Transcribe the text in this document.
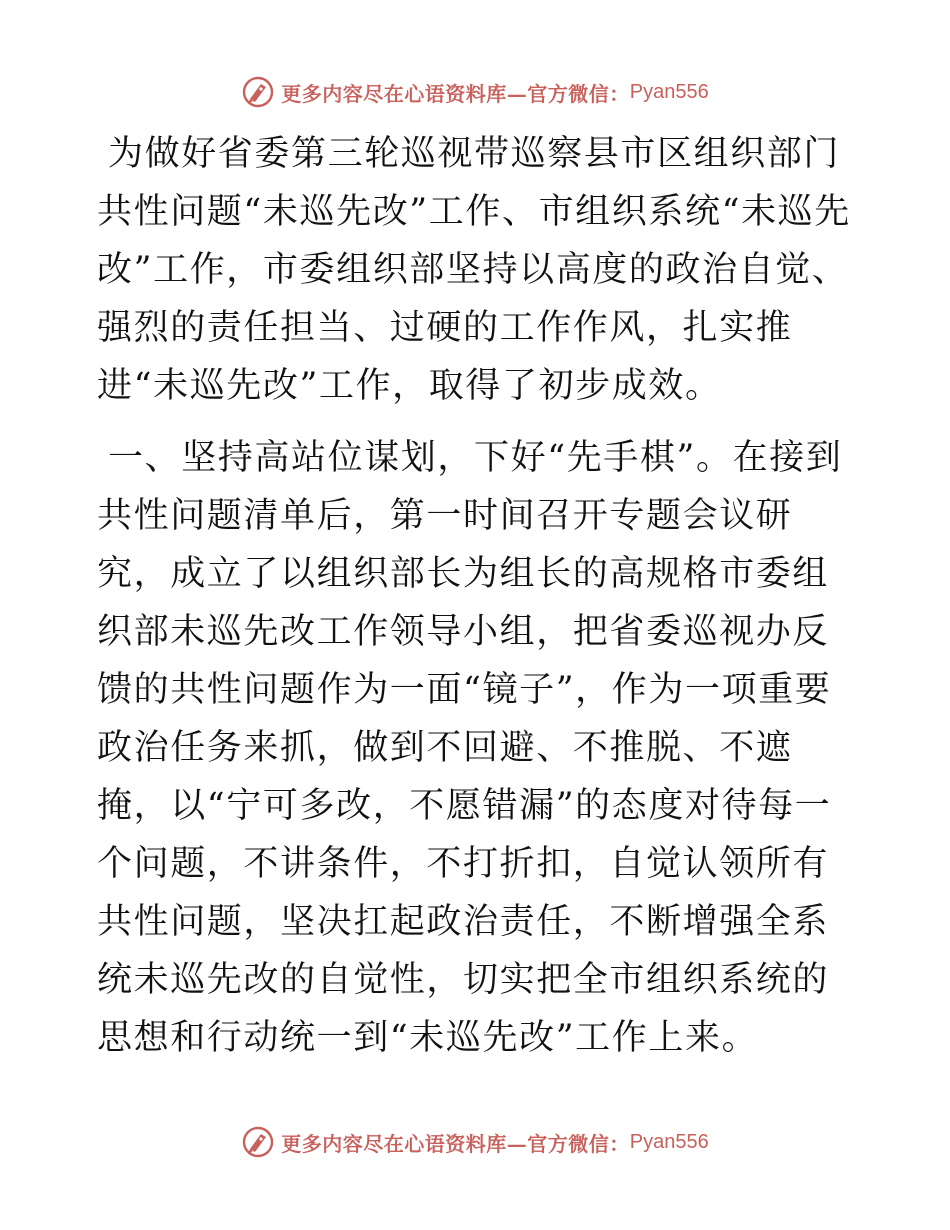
更多内容尽在心语资料库—官方微信： Pyan556

为做好省委第三轮巡视带巡察县市区组织部门共性问题“未巡先改”工作、市组织系统“未巡先改”工作，市委组织部坚持以高度的政治自觉、强烈的责任担当、过硬的工作作风，扎实推进“未巡先改”工作，取得了初步成效。

一、坚持高站位谋划，下好“先手棋”。在接到共性问题清单后，第一时间召开专题会议研究，成立了以组织部长为组长的高规格市委组织部未巡先改工作领导小组，把省委巡视办反馈的共性问题作为一面“镜子”，作为一项重要政治任务来抓，做到不回避、不推脱、不遮掩，以“宁可多改，不愿错漏”的态度对待每一个问题，不讲条件，不打折扣，自觉认领所有共性问题，坚决扛起政治责任，不断增强全系统未巡先改的自觉性，切实把全市组织系统的思想和行动统一到“未巡先改”工作上来。

更多内容尽在心语资料库—官方微信： Pyan556
